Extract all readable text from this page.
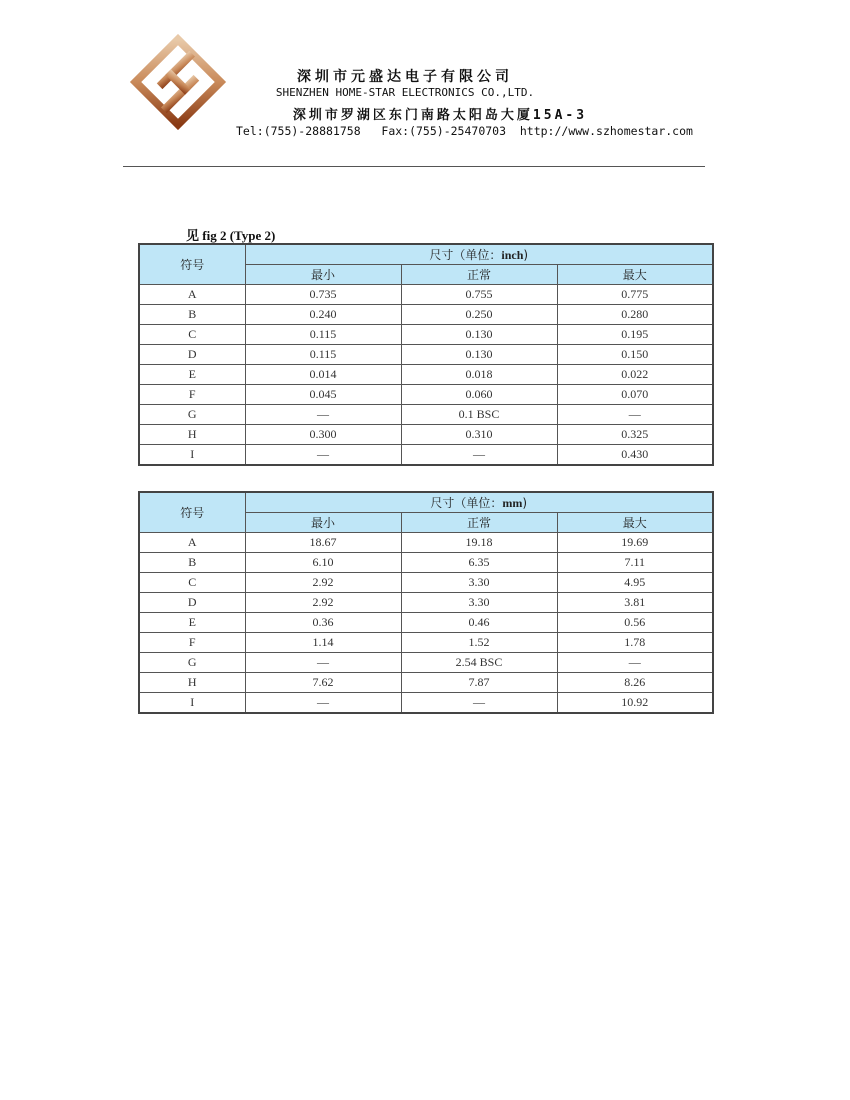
深圳市元盛达电子有限公司
SHENZHEN HOME-STAR ELECTRONICS CO.,LTD.
深圳市罗湖区东门南路太阳岛大厦15A-3
Tel:(755)-28881758   Fax:(755)-25470703  http://www.szhomestar.com
见 fig 2 (Type 2)
符号	尺寸（单位：inch)		
	最小	正常	最大
A	0.735	0.755	0.775
B	0.240	0.250	0.280
C	0.115	0.130	0.195
D	0.115	0.130	0.150
E	0.014	0.018	0.022
F	0.045	0.060	0.070
G	—	0.1 BSC	—
H	0.300	0.310	0.325
I	—	—	0.430
符号	尺寸（单位：mm)		
	最小	正常	最大
A	18.67	19.18	19.69
B	6.10	6.35	7.11
C	2.92	3.30	4.95
D	2.92	3.30	3.81
E	0.36	0.46	0.56
F	1.14	1.52	1.78
G	—	2.54 BSC	—
H	7.62	7.87	8.26
I	—	—	10.92
